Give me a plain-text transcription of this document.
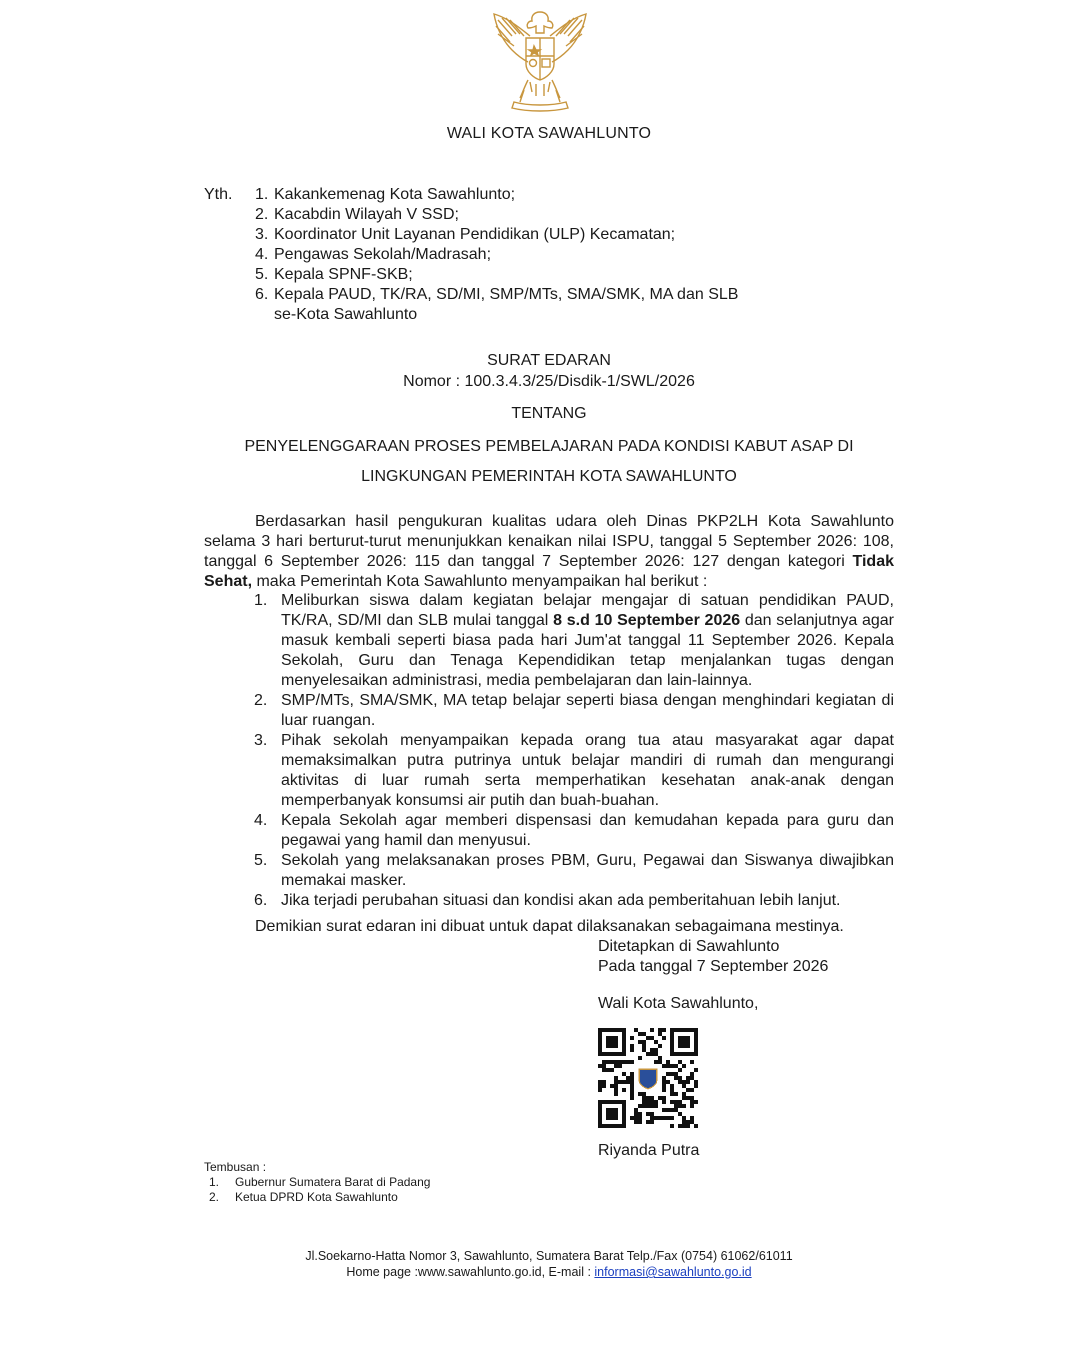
WALI KOTA SAWAHLUNTO
Yth. 1. Kakankemenag Kota Sawahlunto;
2. Kacabdin Wilayah V SSD;
3. Koordinator Unit Layanan Pendidikan (ULP) Kecamatan;
4. Pengawas Sekolah/Madrasah;
5. Kepala SPNF-SKB;
6. Kepala PAUD, TK/RA, SD/MI, SMP/MTs, SMA/SMK, MA dan SLB
se-Kota Sawahlunto
SURAT EDARAN
Nomor : 100.3.4.3/25/Disdik-1/SWL/2026
TENTANG
PENYELENGGARAAN PROSES PEMBELAJARAN PADA KONDISI KABUT ASAP DI
LINGKUNGAN PEMERINTAH KOTA SAWAHLUNTO

Berdasarkan hasil pengukuran kualitas udara oleh Dinas PKP2LH Kota Sawahlunto selama 3 hari berturut-turut menunjukkan kenaikan nilai ISPU, tanggal 5 September 2026: 108, tanggal 6 September 2026: 115 dan tanggal 7 September 2026: 127 dengan kategori Tidak Sehat, maka Pemerintah Kota Sawahlunto menyampaikan hal berikut :

1. Meliburkan siswa dalam kegiatan belajar mengajar di satuan pendidikan PAUD, TK/RA, SD/MI dan SLB mulai tanggal 8 s.d 10 September 2026 dan selanjutnya agar masuk kembali seperti biasa pada hari Jum'at tanggal 11 September 2026. Kepala Sekolah, Guru dan Tenaga Kependidikan tetap menjalankan tugas dengan menyelesaikan administrasi, media pembelajaran dan lain-lainnya.
2. SMP/MTs, SMA/SMK, MA tetap belajar seperti biasa dengan menghindari kegiatan di luar ruangan.
3. Pihak sekolah menyampaikan kepada orang tua atau masyarakat agar dapat memaksimalkan putra putrinya untuk belajar mandiri di rumah dan mengurangi aktivitas di luar rumah serta memperhatikan kesehatan anak-anak dengan memperbanyak konsumsi air putih dan buah-buahan.
4. Kepala Sekolah agar memberi dispensasi dan kemudahan kepada para guru dan pegawai yang hamil dan menyusui.
5. Sekolah yang melaksanakan proses PBM, Guru, Pegawai dan Siswanya diwajibkan memakai masker.
6. Jika terjadi perubahan situasi dan kondisi akan ada pemberitahuan lebih lanjut.
Demikian surat edaran ini dibuat untuk dapat dilaksanakan sebagaimana mestinya.
Ditetapkan di Sawahlunto
Pada tanggal 7 September 2026
Wali Kota Sawahlunto,
Riyanda Putra
Tembusan :
1.	Gubernur Sumatera Barat di Padang
2.	Ketua DPRD Kota Sawahlunto
Jl.Soekarno-Hatta Nomor 3, Sawahlunto, Sumatera Barat Telp./Fax (0754) 61062/61011
Home page :www.sawahlunto.go.id, E-mail : informasi@sawahlunto.go.id
